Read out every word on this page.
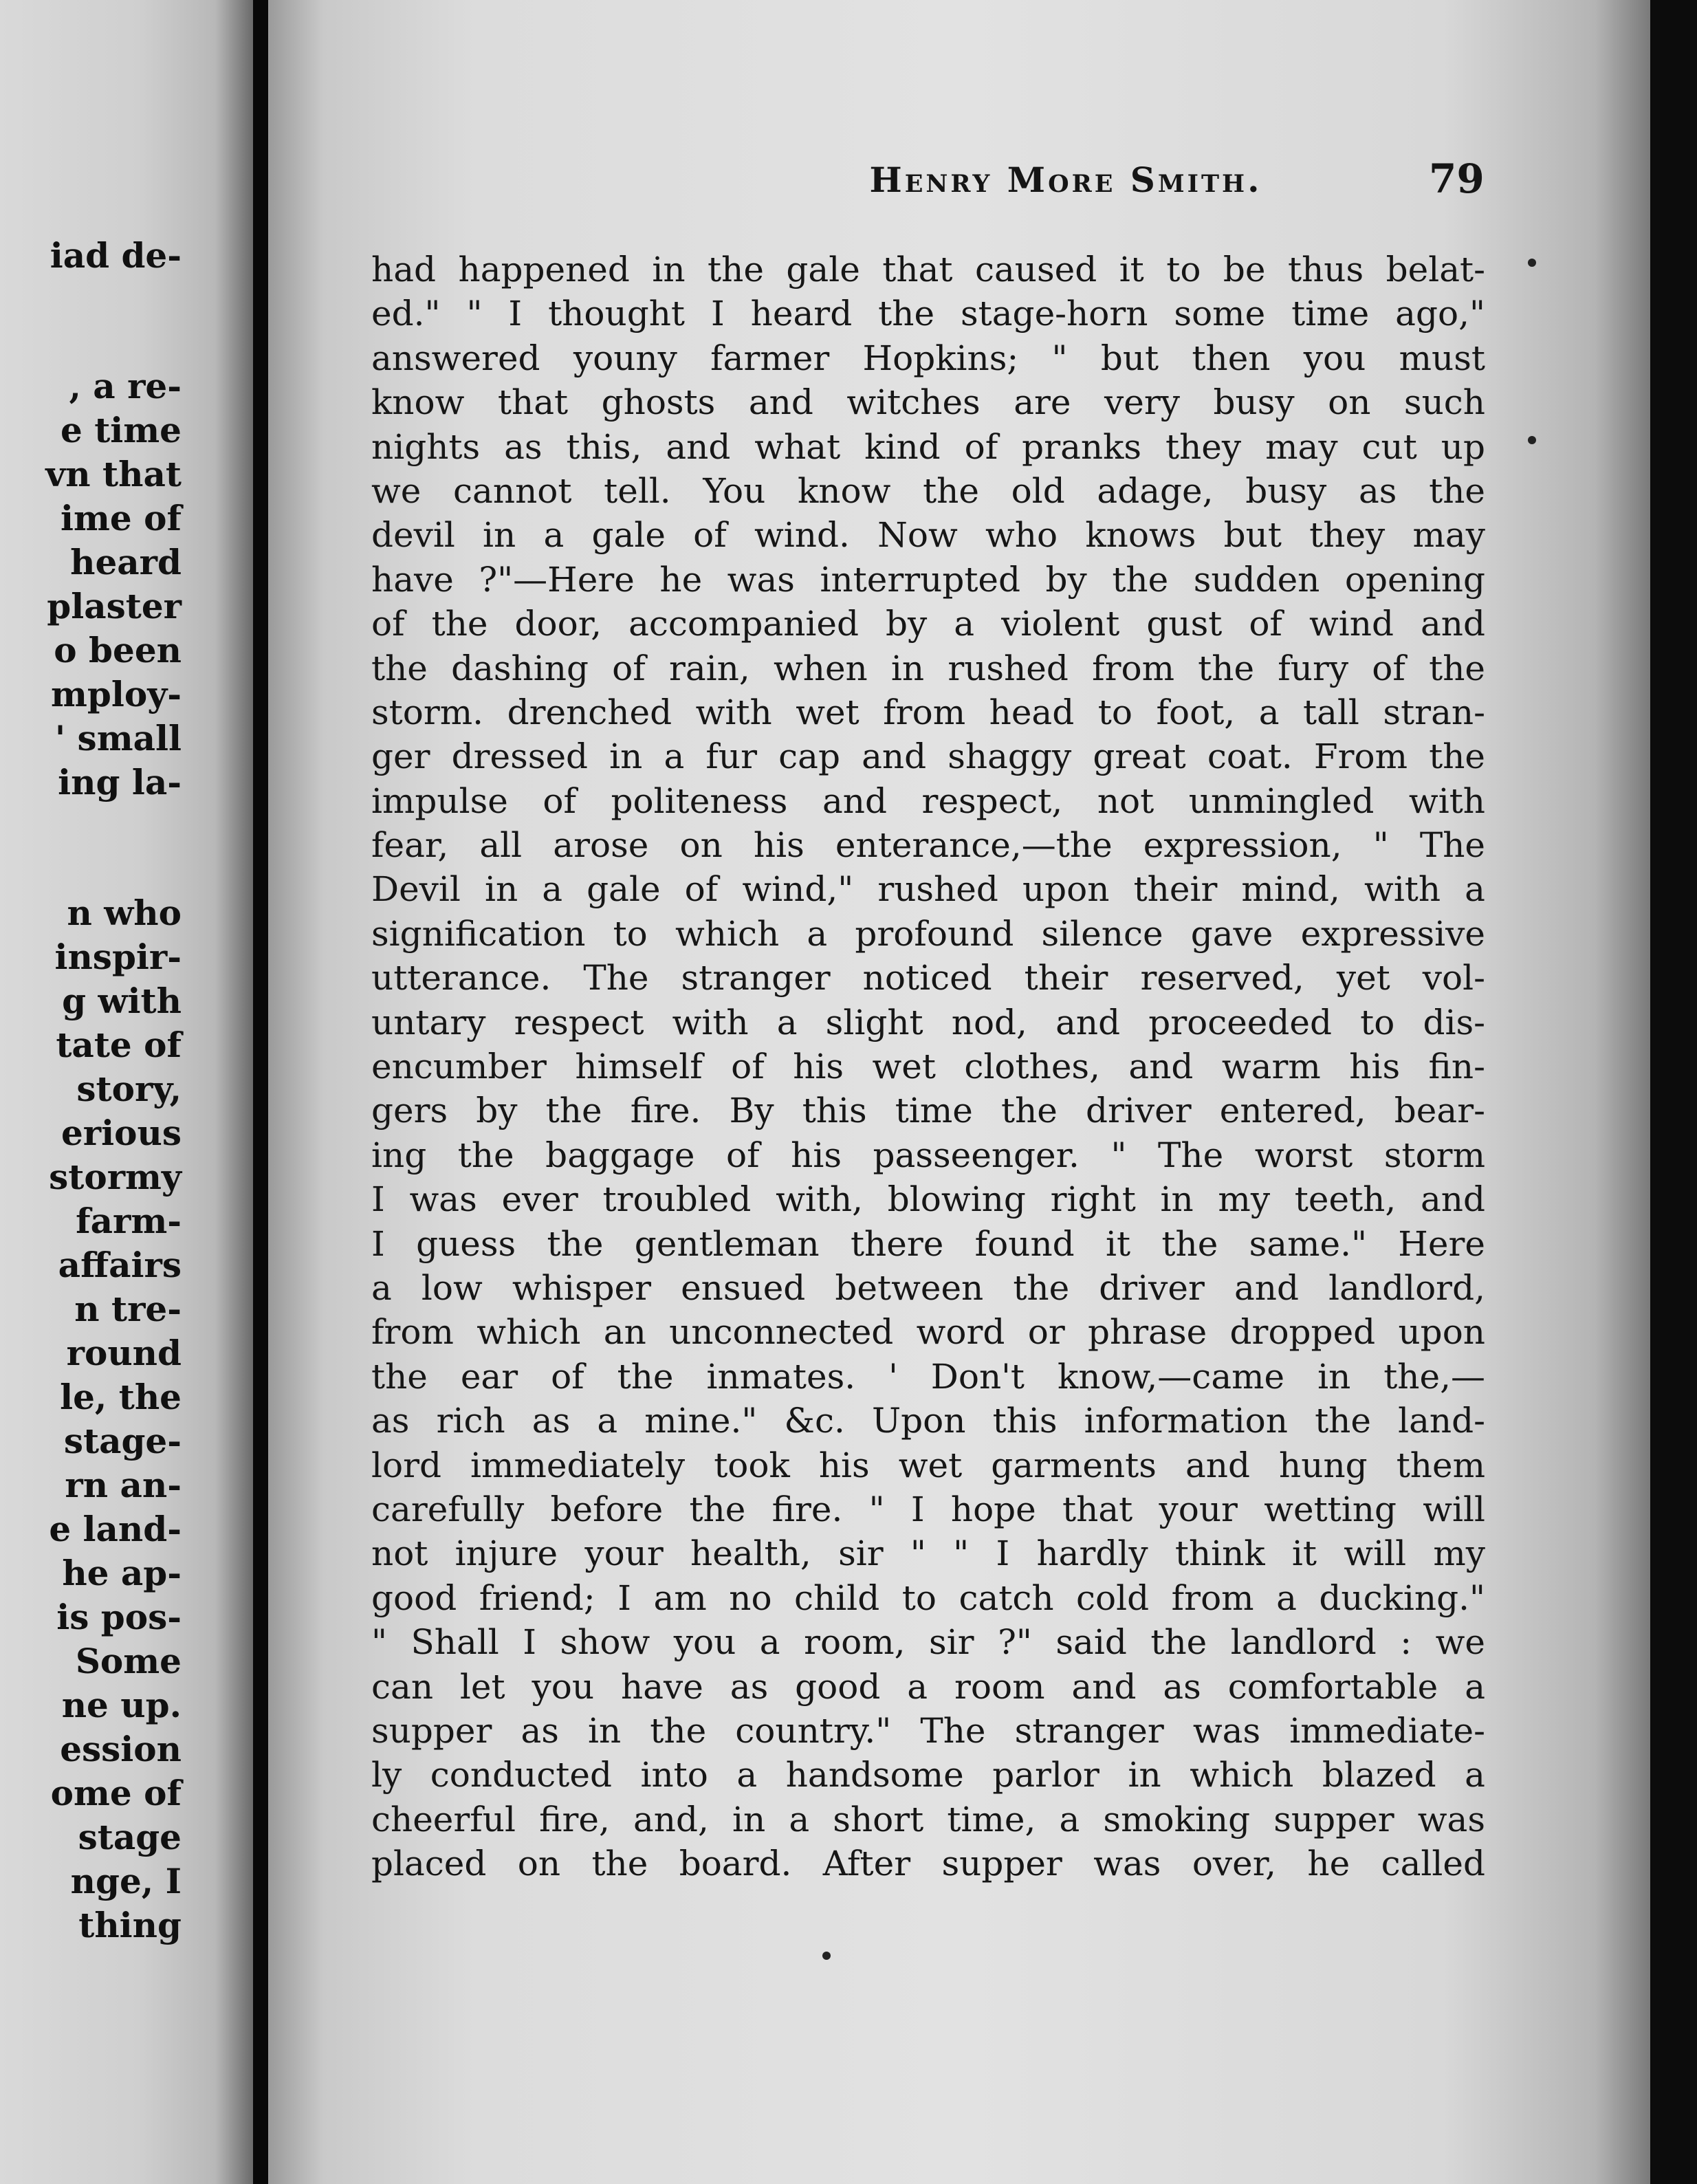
iad de-
, a re-
e time
vn that
ime of
heard
plaster
o been
mploy-
' small
ing la-
n who
inspir-
g with
tate of
story,
erious
stormy
farm-
affairs
n tre-
round
le, the
stage-
rn an-
e land-
he ap-
is pos-
Some
ne up.
ession
ome of
stage
nge, I
thing
Henry More Smith.	79
had happened in the gale that caused it to be thus belat-
ed." " I thought I heard the stage-horn some time ago,"
answered youny farmer Hopkins; " but then you must
know that ghosts and witches are very busy on such
nights as this, and what kind of pranks they may cut up
we cannot tell. You know the old adage, busy as the
devil in a gale of wind. Now who knows but they may
have ?"—Here he was interrupted by the sudden opening
of the door, accompanied by a violent gust of wind and
the dashing of rain, when in rushed from the fury of the
storm. drenched with wet from head to foot, a tall stran-
ger dressed in a fur cap and shaggy great coat. From the
impulse of politeness and respect, not unmingled with
fear, all arose on his enterance,—the expression, " The
Devil in a gale of wind," rushed upon their mind, with a
signification to which a profound silence gave expressive
utterance. The stranger noticed their reserved, yet vol-
untary respect with a slight nod, and proceeded to dis-
encumber himself of his wet clothes, and warm his fin-
gers by the fire. By this time the driver entered, bear-
ing the baggage of his passeenger. " The worst storm
I was ever troubled with, blowing right in my teeth, and
I guess the gentleman there found it the same." Here
a low whisper ensued between the driver and landlord,
from which an unconnected word or phrase dropped upon
the ear of the inmates. ' Don't know,—came in the,—
as rich as a mine." &c. Upon this information the land-
lord immediately took his wet garments and hung them
carefully before the fire. " I hope that your wetting will
not injure your health, sir " " I hardly think it will my
good friend; I am no child to catch cold from a ducking."
" Shall I show you a room, sir ?" said the landlord : we
can let you have as good a room and as comfortable a
supper as in the country." The stranger was immediate-
ly conducted into a handsome parlor in which blazed a
cheerful fire, and, in a short time, a smoking supper was
placed on the board. After supper was over, he called
